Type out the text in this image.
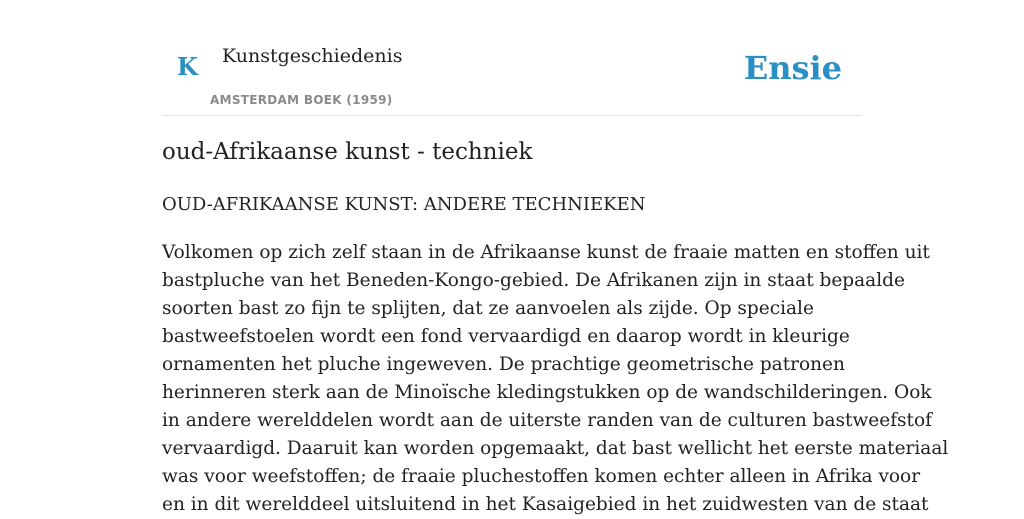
K Kunstgeschiedenis
AMSTERDAM BOEK (1959)
Ensie
oud-Afrikaanse kunst - techniek
OUD-AFRIKAANSE KUNST: ANDERE TECHNIEKEN

Volkomen op zich zelf staan in de Afrikaanse kunst de fraaie matten en stoffen uit
bastpluche van het Beneden-Kongo-gebied. De Afrikanen zijn in staat bepaalde
soorten bast zo fijn te splijten, dat ze aanvoelen als zijde. Op speciale
bastweefstoelen wordt een fond vervaardigd en daarop wordt in kleurige
ornamenten het pluche ingeweven. De prachtige geometrische patronen
herinneren sterk aan de Minoïsche kledingstukken op de wandschilderingen. Ook
in andere werelddelen wordt aan de uiterste randen van de culturen bastweefstof
vervaardigd. Daaruit kan worden opgemaakt, dat bast wellicht het eerste materiaal
was voor weefstoffen; de fraaie pluchestoffen komen echter alleen in Afrika voor
en in dit werelddeel uitsluitend in het Kasaigebied in het zuidwesten van de staat
